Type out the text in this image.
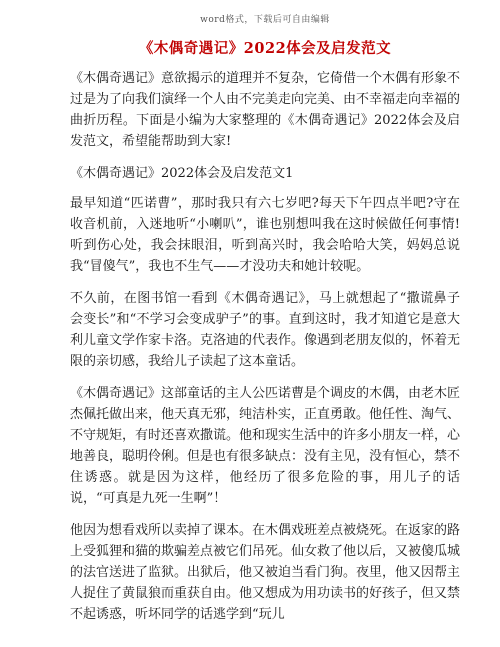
word格式，下载后可自由编辑
《木偶奇遇记》2022体会及启发范文

《木偶奇遇记》意欲揭示的道理并不复杂，它倚借一个木偶有形象不过是为了向我们演绎一个人由不完美走向完美、由不幸福走向幸福的曲折历程。下面是小编为大家整理的《木偶奇遇记》2022体会及启发范文，希望能帮助到大家!

《木偶奇遇记》2022体会及启发范文1

最早知道“匹诺曹”，那时我只有六七岁吧?每天下午四点半吧?守在收音机前，入迷地听“小喇叭”，谁也别想叫我在这时候做任何事情!听到伤心处，我会抹眼泪，听到高兴时，我会哈哈大笑，妈妈总说我“冒傻气”，我也不生气——才没功夫和她计较呢。

不久前，在图书馆一看到《木偶奇遇记》，马上就想起了“撒谎鼻子会变长”和“不学习会变成驴子”的事。直到这时，我才知道它是意大利儿童文学作家卡洛。克洛迪的代表作。像遇到老朋友似的，怀着无限的亲切感，我给儿子读起了这本童话。

《木偶奇遇记》这部童话的主人公匹诺曹是个调皮的木偶，由老木匠杰佩托做出来，他天真无邪，纯洁朴实，正直勇敢。他任性、淘气、不守规矩，有时还喜欢撒谎。他和现实生活中的许多小朋友一样，心地善良，聪明伶俐。但是也有很多缺点：没有主见，没有恒心，禁不住诱惑。就是因为这样，他经历了很多危险的事，用儿子的话说，“可真是九死一生啊”！

他因为想看戏所以卖掉了课本。在木偶戏班差点被烧死。在返家的路上受狐狸和猫的欺骗差点被它们吊死。仙女救了他以后，又被傻瓜城的法官送进了监狱。出狱后，他又被迫当看门狗。夜里，他又因帮主人捉住了黄鼠狼而重获自由。他又想成为用功读书的好孩子，但又禁不起诱惑，听坏同学的话逃学到“玩儿
